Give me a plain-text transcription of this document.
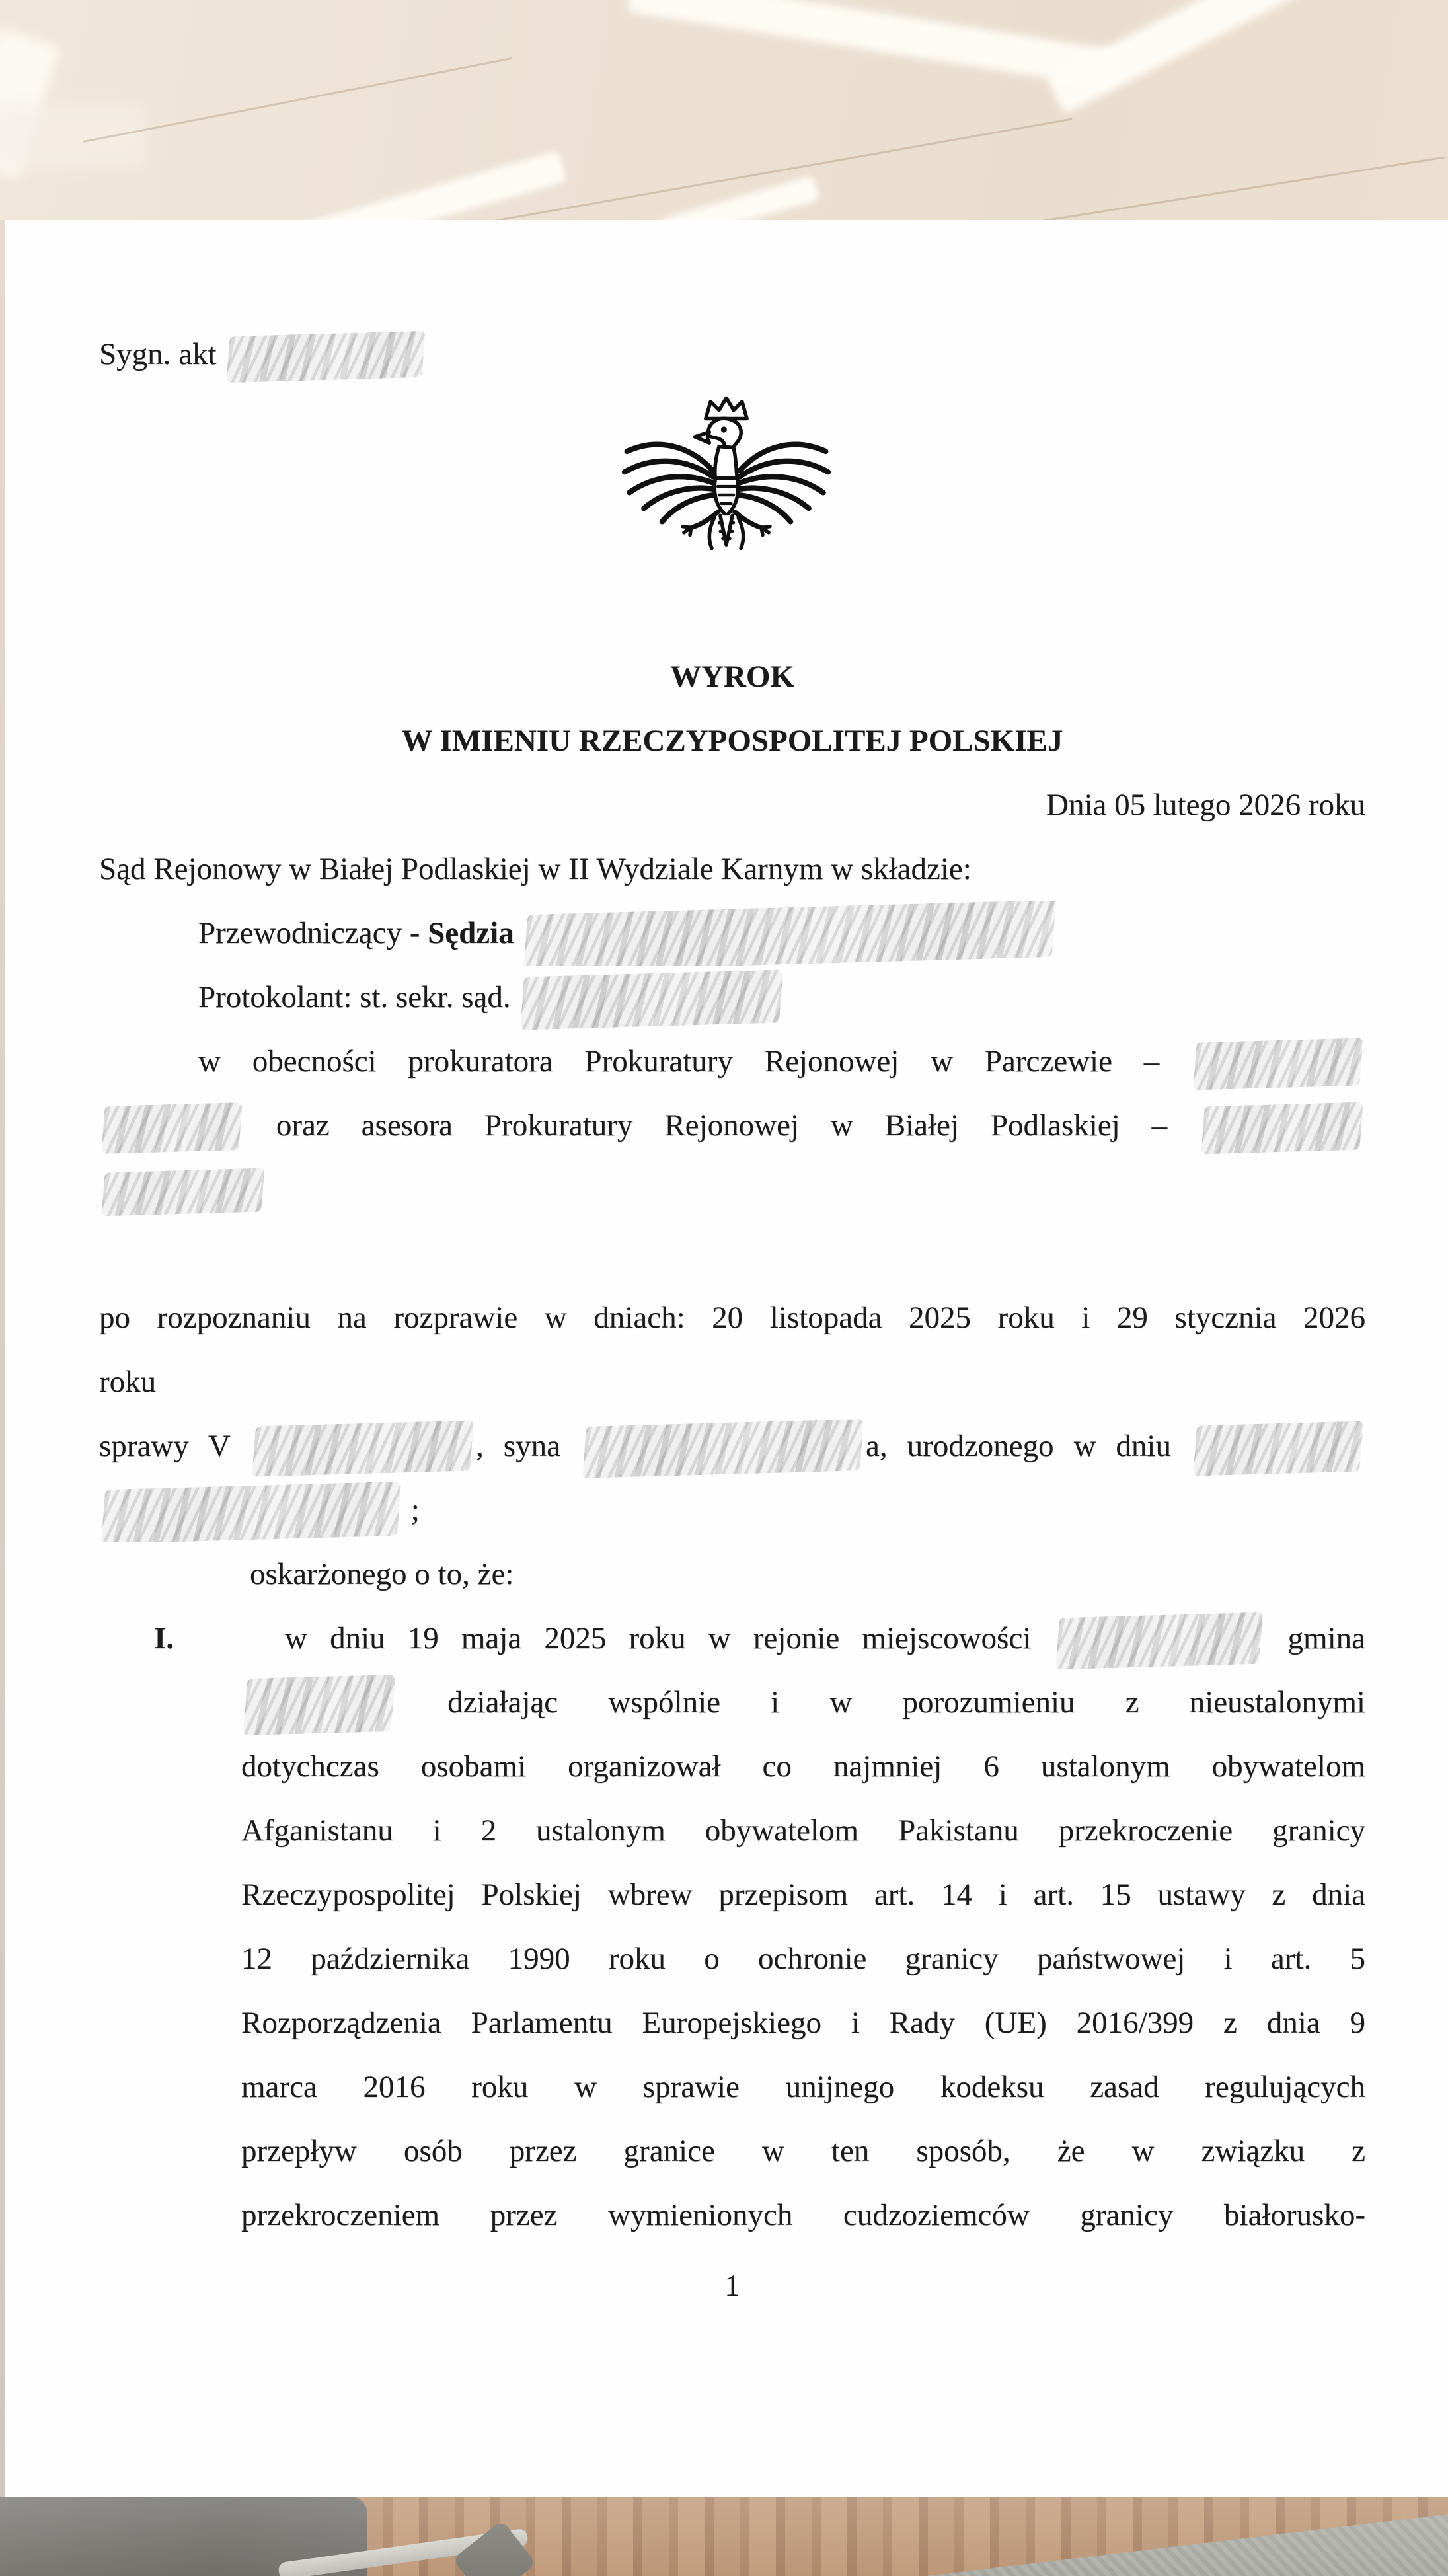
Sygn. akt
WYROK
W IMIENIU RZECZYPOSPOLITEJ POLSKIEJ
Dnia 05 lutego 2026 roku
Sąd Rejonowy w Białej Podlaskiej w II Wydziale Karnym w składzie:
Przewodniczący - Sędzia
Protokolant: st. sekr. sąd.
w obecności prokuratora Prokuratury Rejonowej w Parczewie –
oraz asesora Prokuratury Rejonowej w Białej Podlaskiej –
po rozpoznaniu na rozprawie w dniach: 20 listopada 2025 roku i 29 stycznia 2026
roku
sprawy V	, syna	a, urodzonego w dniu
;
oskarżonego o to, że:
I.	w dniu 19 maja 2025 roku w rejonie miejscowości	gmina
działając wspólnie i w porozumieniu z nieustalonymi
dotychczas osobami organizował co najmniej 6 ustalonym obywatelom
Afganistanu i 2 ustalonym obywatelom Pakistanu przekroczenie granicy
Rzeczypospolitej Polskiej wbrew przepisom art. 14 i art. 15 ustawy z dnia
12 października 1990 roku o ochronie granicy państwowej i art. 5
Rozporządzenia Parlamentu Europejskiego i Rady (UE) 2016/399 z dnia 9
marca 2016 roku w sprawie unijnego kodeksu zasad regulujących
przepływ osób przez granice w ten sposób, że w związku z
przekroczeniem przez wymienionych cudzoziemców granicy białorusko-
1
